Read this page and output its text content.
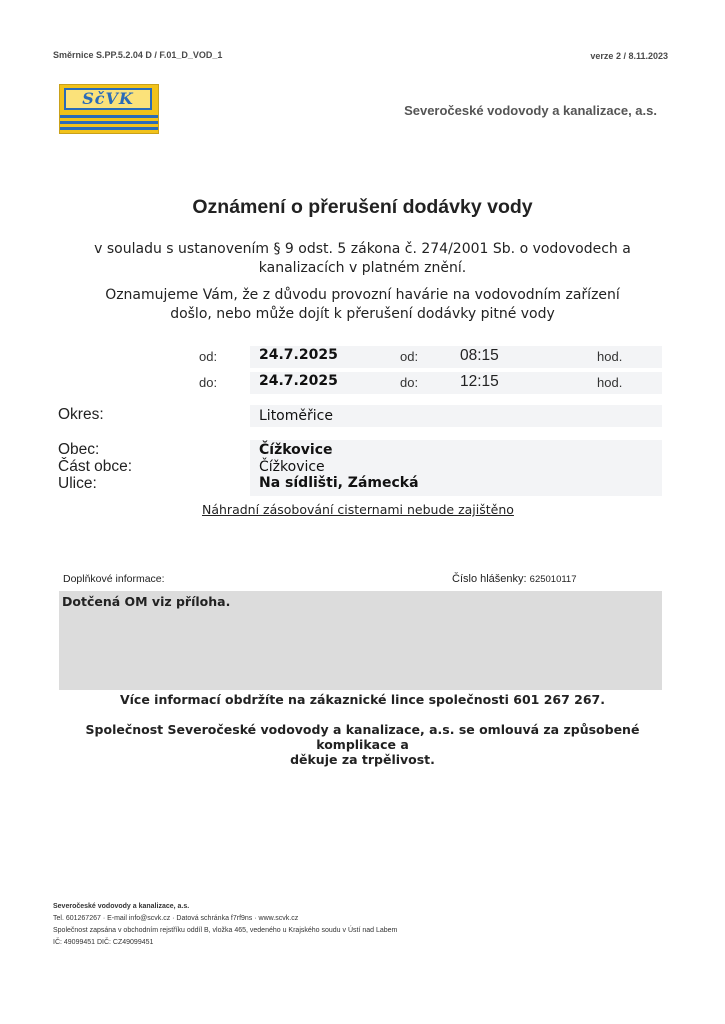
Směrnice S.PP.5.2.04 D / F.01_D_VOD_1	verze 2 / 8.11.2023
SčVK
Severočeské vodovody a kanalizace, a.s.
Oznámení o přerušení dodávky vody
v souladu s ustanovením § 9 odst. 5 zákona č. 274/2001 Sb. o vodovodech a
kanalizacích v platném znění.
Oznamujeme Vám, že z důvodu provozní havárie na vodovodním zařízení
došlo, nebo může dojít k přerušení dodávky pitné vody
od:	24.7.2025	od:	08:15	hod.
do:	24.7.2025	do:	12:15	hod.
Okres:	Litoměřice
Obec:	Čížkovice
Část obce:	Čížkovice
Ulice:	Na sídlišti, Zámecká
Náhradní zásobování cisternami nebude zajištěno
Doplňkové informace:	Číslo hlášenky: 625010117
Dotčená OM viz příloha.
Více informací obdržíte na zákaznické lince společnosti 601 267 267.
Společnost Severočeské vodovody a kanalizace, a.s. se omlouvá za způsobené komplikace a
děkuje za trpělivost.
Severočeské vodovody a kanalizace, a.s.
Tel. 601267267 · E-mail info@scvk.cz · Datová schránka f7rf9ns · www.scvk.cz
Společnost zapsána v obchodním rejstříku oddíl B, vložka 465, vedeného u Krajského soudu v Ústí nad Labem
IČ: 49099451 DIČ: CZ49099451
